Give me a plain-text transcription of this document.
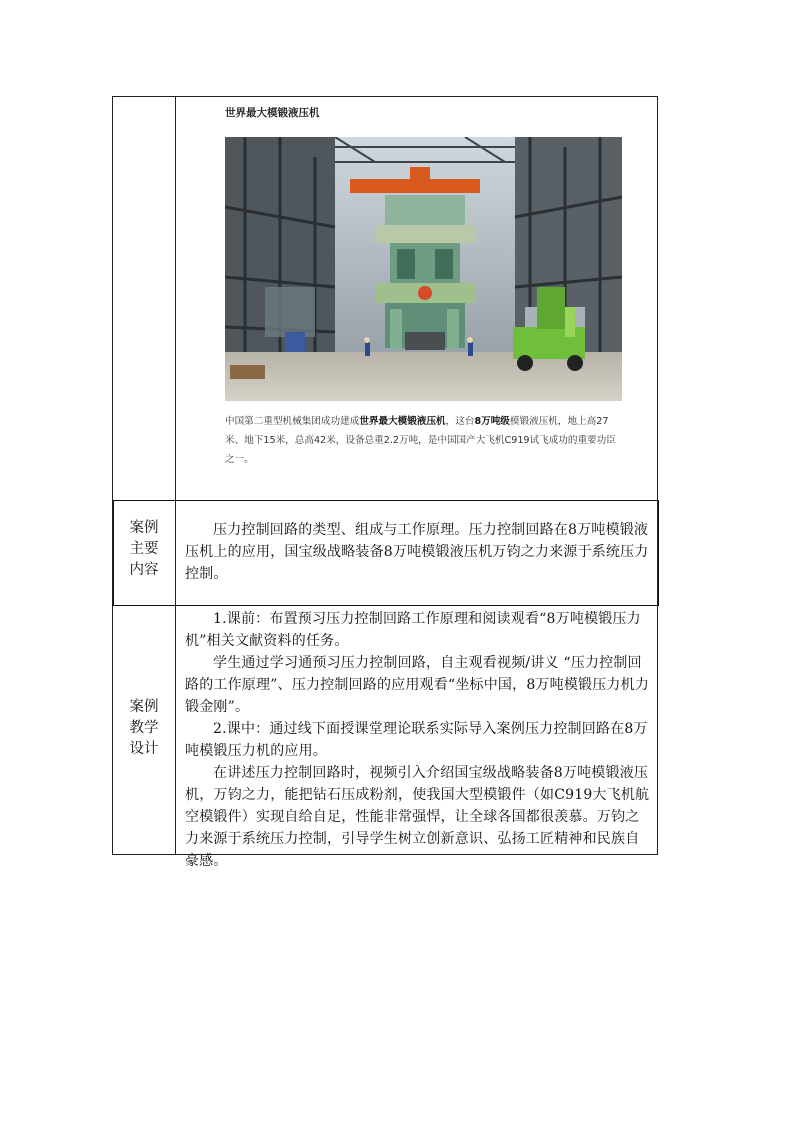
世界最大模锻液压机
中国第二重型机械集团成功建成世界最大模锻液压机，这台8万吨级模锻液压机，地上高27米、地下15米，总高42米，设备总重2.2万吨，是中国国产大飞机C919试飞成功的重要功臣之一。
案例
主要
内容

压力控制回路的类型、组成与工作原理。压力控制回路在8万吨模锻液压机上的应用，国宝级战略装备8万吨模锻液压机万钧之力来源于系统压力控制。

案例
教学
设计

1.课前：布置预习压力控制回路工作原理和阅读观看“8万吨模锻压力机”相关文献资料的任务。

学生通过学习通预习压力控制回路，自主观看视频/讲义 “压力控制回路的工作原理”、压力控制回路的应用观看“坐标中国，8万吨模锻压力机力锻金刚”。

2.课中：通过线下面授课堂理论联系实际导入案例压力控制回路在8万吨模锻压力机的应用。

在讲述压力控制回路时，视频引入介绍国宝级战略装备8万吨模锻液压机，万钧之力，能把钻石压成粉剂，使我国大型模锻件（如C919大飞机航空模锻件）实现自给自足，性能非常强悍，让全球各国都很羡慕。万钧之力来源于系统压力控制，引导学生树立创新意识、弘扬工匠精神和民族自豪感。
